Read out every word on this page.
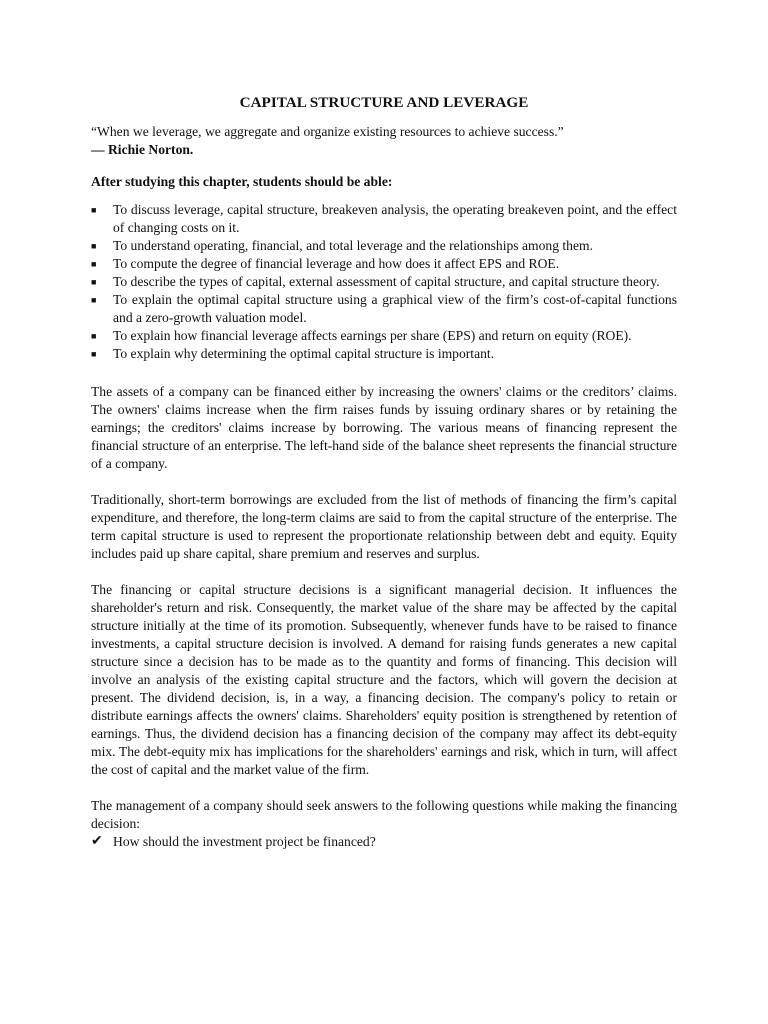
CAPITAL STRUCTURE AND LEVERAGE

“When we leverage, we aggregate and organize existing resources to achieve success.”

— Richie Norton.

After studying this chapter, students should be able:

■ To discuss leverage, capital structure, breakeven analysis, the operating breakeven point, and the effect of changing costs on it.
■ To understand operating, financial, and total leverage and the relationships among them.
■ To compute the degree of financial leverage and how does it affect EPS and ROE.
■ To describe the types of capital, external assessment of capital structure, and capital structure theory.
■ To explain the optimal capital structure using a graphical view of the firm’s cost-of-capital functions and a zero-growth valuation model.
■ To explain how financial leverage affects earnings per share (EPS) and return on equity (ROE).
■ To explain why determining the optimal capital structure is important.

The assets of a company can be financed either by increasing the owners' claims or the creditors’ claims. The owners' claims increase when the firm raises funds by issuing ordinary shares or by retaining the earnings; the creditors' claims increase by borrowing. The various means of financing represent the financial structure of an enterprise. The left-hand side of the balance sheet represents the financial structure of a company.

Traditionally, short-term borrowings are excluded from the list of methods of financing the firm’s capital expenditure, and therefore, the long-term claims are said to from the capital structure of the enterprise. The term capital structure is used to represent the proportionate relationship between debt and equity. Equity includes paid up share capital, share premium and reserves and surplus.

The financing or capital structure decisions is a significant managerial decision. It influences the shareholder's return and risk. Consequently, the market value of the share may be affected by the capital structure initially at the time of its promotion. Subsequently, whenever funds have to be raised to finance investments, a capital structure decision is involved. A demand for raising funds generates a new capital structure since a decision has to be made as to the quantity and forms of financing. This decision will involve an analysis of the existing capital structure and the factors, which will govern the decision at present. The dividend decision, is, in a way, a financing decision. The company's policy to retain or distribute earnings affects the owners' claims. Shareholders' equity position is strengthened by retention of earnings. Thus, the dividend decision has a financing decision of the company may affect its debt-equity mix. The debt-equity mix has implications for the shareholders' earnings and risk, which in turn, will affect the cost of capital and the market value of the firm.

The management of a company should seek answers to the following questions while making the financing decision:

✔ How should the investment project be financed?
